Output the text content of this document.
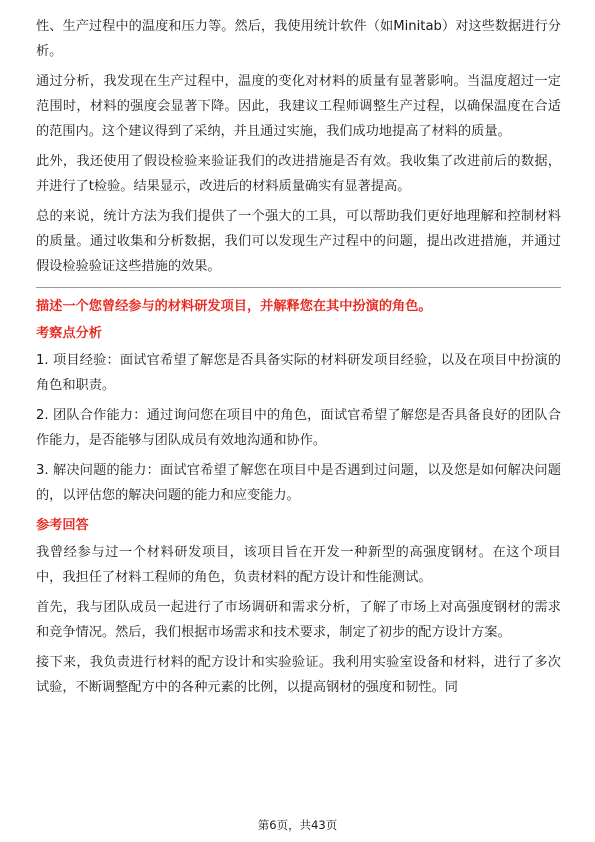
性、生产过程中的温度和压力等。然后，我使用统计软件（如Minitab）对这些数据进行分析。

通过分析，我发现在生产过程中，温度的变化对材料的质量有显著影响。当温度超过一定范围时，材料的强度会显著下降。因此，我建议工程师调整生产过程，以确保温度在合适的范围内。这个建议得到了采纳，并且通过实施，我们成功地提高了材料的质量。

此外，我还使用了假设检验来验证我们的改进措施是否有效。我收集了改进前后的数据，并进行了t检验。结果显示，改进后的材料质量确实有显著提高。

总的来说，统计方法为我们提供了一个强大的工具，可以帮助我们更好地理解和控制材料的质量。通过收集和分析数据，我们可以发现生产过程中的问题，提出改进措施，并通过假设检验验证这些措施的效果。

描述一个您曾经参与的材料研发项目，并解释您在其中扮演的角色。

考察点分析

1. 项目经验：面试官希望了解您是否具备实际的材料研发项目经验，以及在项目中扮演的角色和职责。

2. 团队合作能力：通过询问您在项目中的角色，面试官希望了解您是否具备良好的团队合作能力，是否能够与团队成员有效地沟通和协作。

3. 解决问题的能力：面试官希望了解您在项目中是否遇到过问题，以及您是如何解决问题的，以评估您的解决问题的能力和应变能力。

参考回答

我曾经参与过一个材料研发项目，该项目旨在开发一种新型的高强度钢材。在这个项目中，我担任了材料工程师的角色，负责材料的配方设计和性能测试。

首先，我与团队成员一起进行了市场调研和需求分析，了解了市场上对高强度钢材的需求和竞争情况。然后，我们根据市场需求和技术要求，制定了初步的配方设计方案。

接下来，我负责进行材料的配方设计和实验验证。我利用实验室设备和材料，进行了多次试验，不断调整配方中的各种元素的比例，以提高钢材的强度和韧性。同

第6页，共43页
